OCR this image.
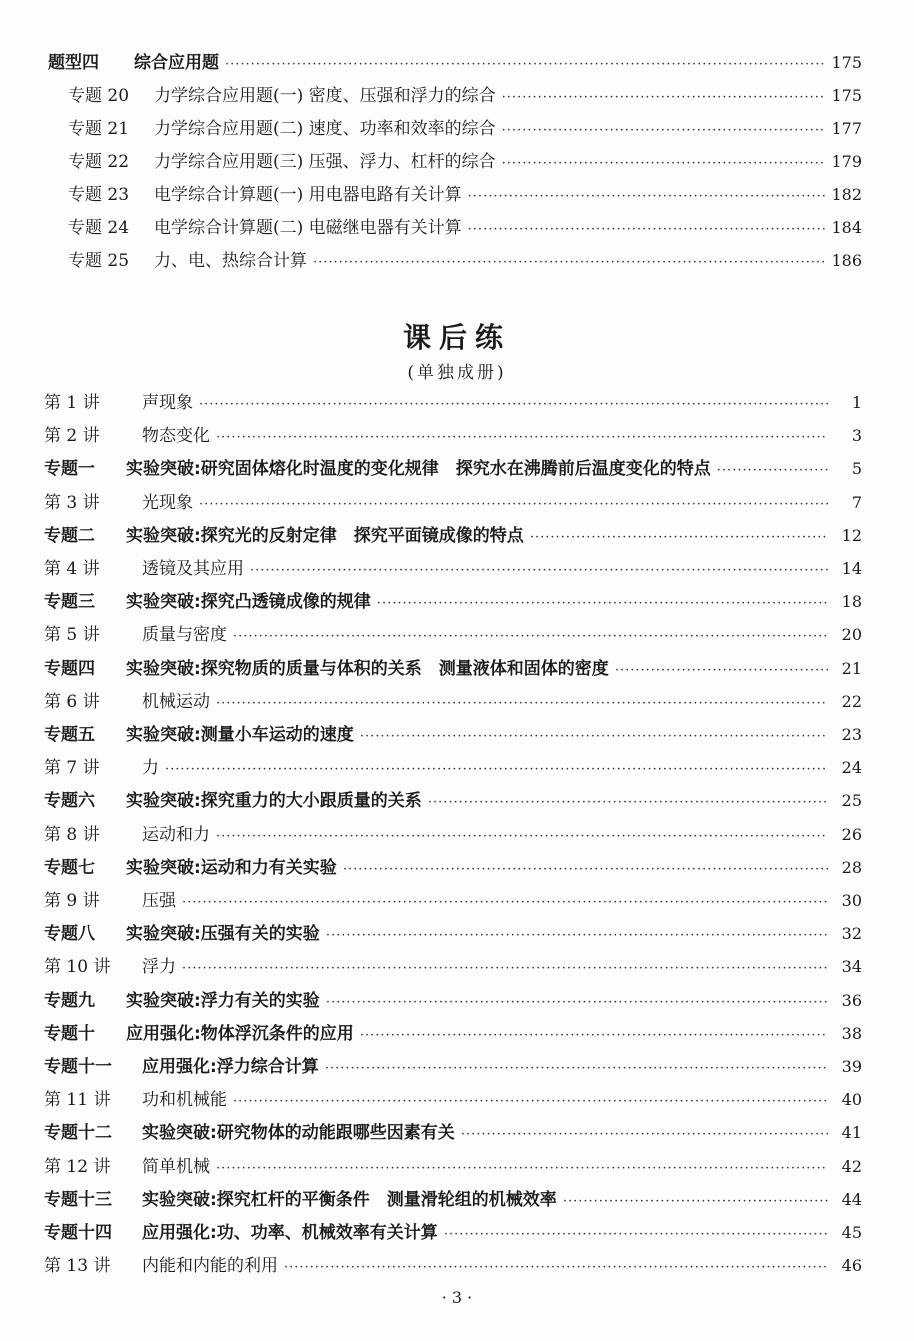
题型四	综合应用题 ·····	175
专题 20	力学综合应用题(一) 密度、压强和浮力的综合 ·····	175
专题 21	力学综合应用题(二) 速度、功率和效率的综合 ·····	177
专题 22	力学综合应用题(三) 压强、浮力、杠杆的综合 ·····	179
专题 23	电学综合计算题(一) 用电器电路有关计算 ·····	182
专题 24	电学综合计算题(二) 电磁继电器有关计算 ·····	184
专题 25	力、电、热综合计算 ·····	186
课后练
(单独成册)
第 1 讲	声现象 ·····	1
第 2 讲	物态变化 ·····	3
专题一	实验突破:研究固体熔化时温度的变化规律　探究水在沸腾前后温度变化的特点 ·····	5
第 3 讲	光现象 ·····	7
专题二	实验突破:探究光的反射定律　探究平面镜成像的特点 ·····	12
第 4 讲	透镜及其应用 ·····	14
专题三	实验突破:探究凸透镜成像的规律 ·····	18
第 5 讲	质量与密度 ·····	20
专题四	实验突破:探究物质的质量与体积的关系　测量液体和固体的密度 ·····	21
第 6 讲	机械运动 ·····	22
专题五	实验突破:测量小车运动的速度 ·····	23
第 7 讲	力 ·····	24
专题六	实验突破:探究重力的大小跟质量的关系 ·····	25
第 8 讲	运动和力 ·····	26
专题七	实验突破:运动和力有关实验 ·····	28
第 9 讲	压强 ·····	30
专题八	实验突破:压强有关的实验 ·····	32
第 10 讲	浮力 ·····	34
专题九	实验突破:浮力有关的实验 ·····	36
专题十	应用强化:物体浮沉条件的应用 ·····	38
专题十一	应用强化:浮力综合计算 ·····	39
第 11 讲	功和机械能 ·····	40
专题十二	实验突破:研究物体的动能跟哪些因素有关 ·····	41
第 12 讲	简单机械 ·····	42
专题十三	实验突破:探究杠杆的平衡条件　测量滑轮组的机械效率 ·····	44
专题十四	应用强化:功、功率、机械效率有关计算 ·····	45
第 13 讲	内能和内能的利用 ·····	46
· 3 ·
